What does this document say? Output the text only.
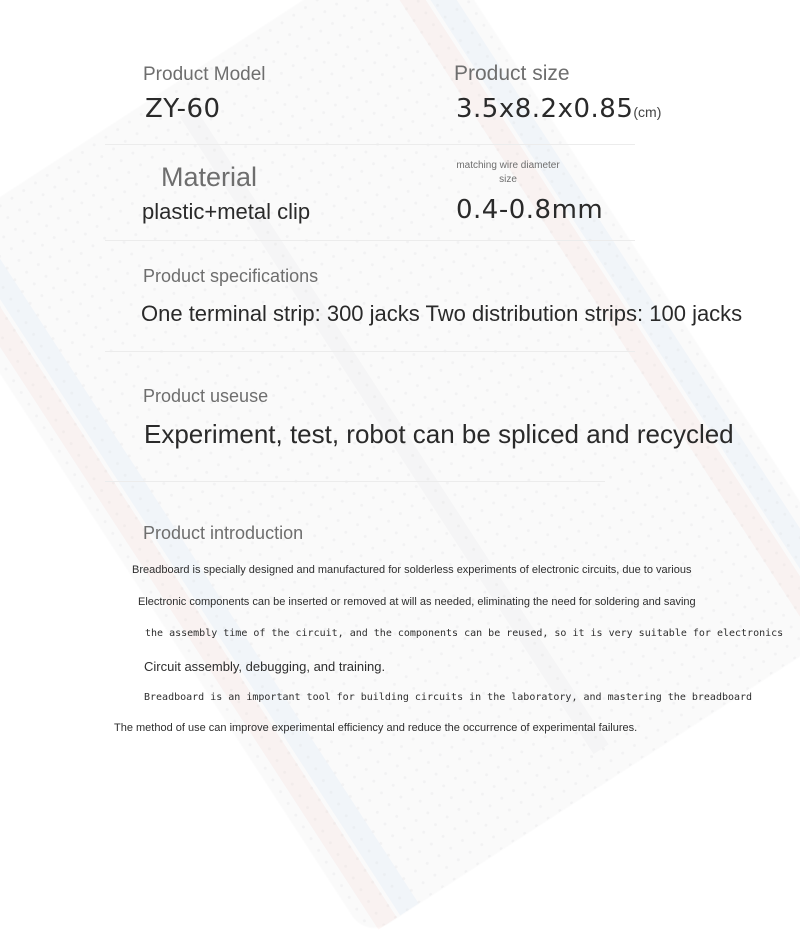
Product Model
ZY-60
Product size
3.5x8.2x0.85(cm)
Material
plastic+metal clip
matching wire diameter
size
0.4-0.8mm
Product specifications
One terminal strip: 300 jacks Two distribution strips: 100 jacks
Product useuse
Experiment, test, robot can be spliced and recycled
Product introduction
Breadboard is specially designed and manufactured for solderless experiments of electronic circuits, due to various
Electronic components can be inserted or removed at will as needed, eliminating the need for soldering and saving
the assembly time of the circuit, and the components can be reused, so it is very suitable for electronics
Circuit assembly, debugging, and training.
Breadboard is an important tool for building circuits in the laboratory, and mastering the breadboard
The method of use can improve experimental efficiency and reduce the occurrence of experimental failures.
